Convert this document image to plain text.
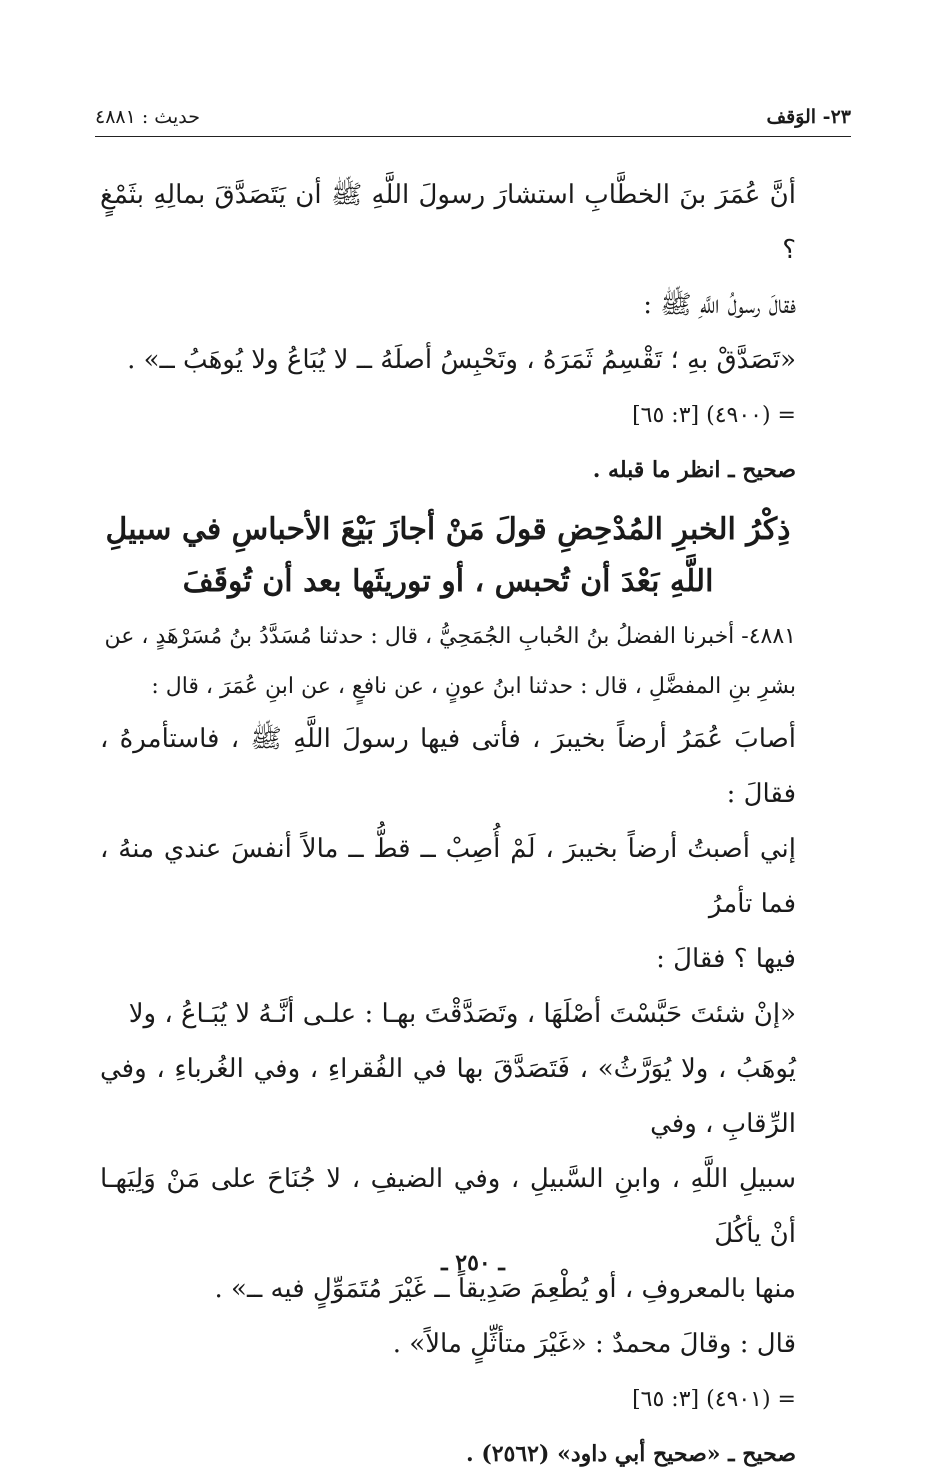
٢٣- الوَقف
حديث : ٤٨٨١

أنَّ عُمَرَ بنَ الخطَّابِ استشارَ رسولَ اللَّهِ ﷺ أن يَتَصَدَّقَ بمالِهِ بثَمْغٍ ؟

فقالَ رسولُ اللَّهِ ﷺ :

«تَصَدَّقْ بهِ ؛ تَقْسِمُ ثَمَرَهُ ، وتَحْبِسُ أصلَهُ ــ لا يُبَاعُ ولا يُوهَبُ ــ» .

= (٤٩٠٠) [٣: ٦٥]

صحيح ـ انظر ما قبله .

ذِكْرُ الخبرِ المُدْحِضِ قولَ مَنْ أجازَ بَيْعَ الأحباسِ في سبيلِ
اللَّهِ بَعْدَ أن تُحبس ، أو توريثَها بعد أن تُوقَفَ

٤٨٨١- أخبرنا الفضلُ بنُ الحُبابِ الجُمَحِيُّ ، قال : حدثنا مُسَدَّدُ بنُ مُسَرْهَدٍ ، عن

بشرِ بنِ المفضَّلِ ، قال : حدثنا ابنُ عونٍ ، عن نافعٍ ، عن ابنِ عُمَرَ ، قال :

أصابَ عُمَرُ أرضاً بخيبرَ ، فأتى فيها رسولَ اللَّهِ ﷺ ، فاستأمرهُ ، فقالَ :

إني أصبتُ أرضاً بخيبرَ ، لَمْ أُصِبْ ــ قطُّ ــ مالاً أنفسَ عندي منهُ ، فما تأمرُ

فيها ؟ فقالَ :

«إنْ شئتَ حَبَّسْتَ أصْلَهَا ، وتَصَدَّقْتَ بهـا : علـى أنَّـهُ لا يُبَـاعُ ، ولا

يُوهَبُ ، ولا يُوَرَّثُ» ، فَتَصَدَّقَ بها في الفُقراءِ ، وفي الغُرباءِ ، وفي الرِّقابِ ، وفي

سبيلِ اللَّهِ ، وابنِ السَّبيلِ ، وفي الضيفِ ، لا جُنَاحَ على مَنْ وَلِيَهـا أنْ يأكُلَ

منها بالمعروفِ ، أو يُطْعِمَ صَدِيقاً ــ غَيْرَ مُتَمَوِّلٍ فيه ــ» .

قال : وقالَ محمدٌ : «غَيْرَ متأثِّلٍ مالاً» .

= (٤٩٠١) [٣: ٦٥]

صحيح ـ «صحيح أبي داود» (٢٥٦٢) .

ـ ٢٥٠ ـ
